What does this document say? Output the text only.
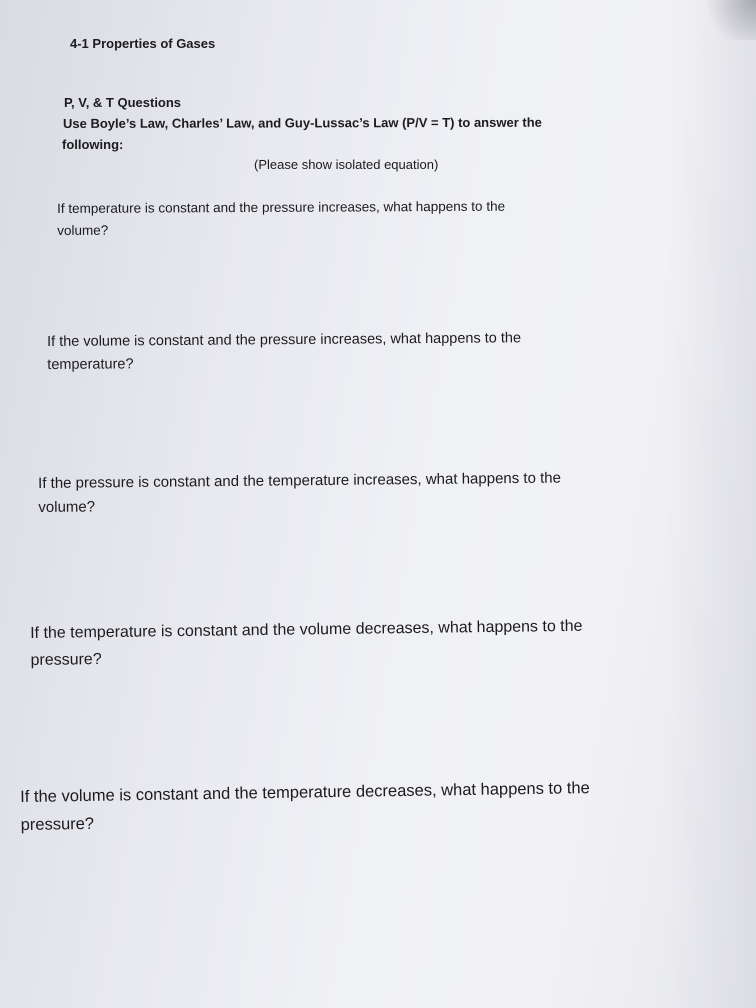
4-1 Properties of Gases

P, V, & T Questions

Use Boyle’s Law, Charles’ Law, and Guy-Lussac’s Law (P/V = T) to answer the

following:

(Please show isolated equation)

If temperature is constant and the pressure increases, what happens to the
volume?
If the volume is constant and the pressure increases, what happens to the
temperature?
If the pressure is constant and the temperature increases, what happens to the
volume?
If the temperature is constant and the volume decreases, what happens to the
pressure?
If the volume is constant and the temperature decreases, what happens to the
pressure?
